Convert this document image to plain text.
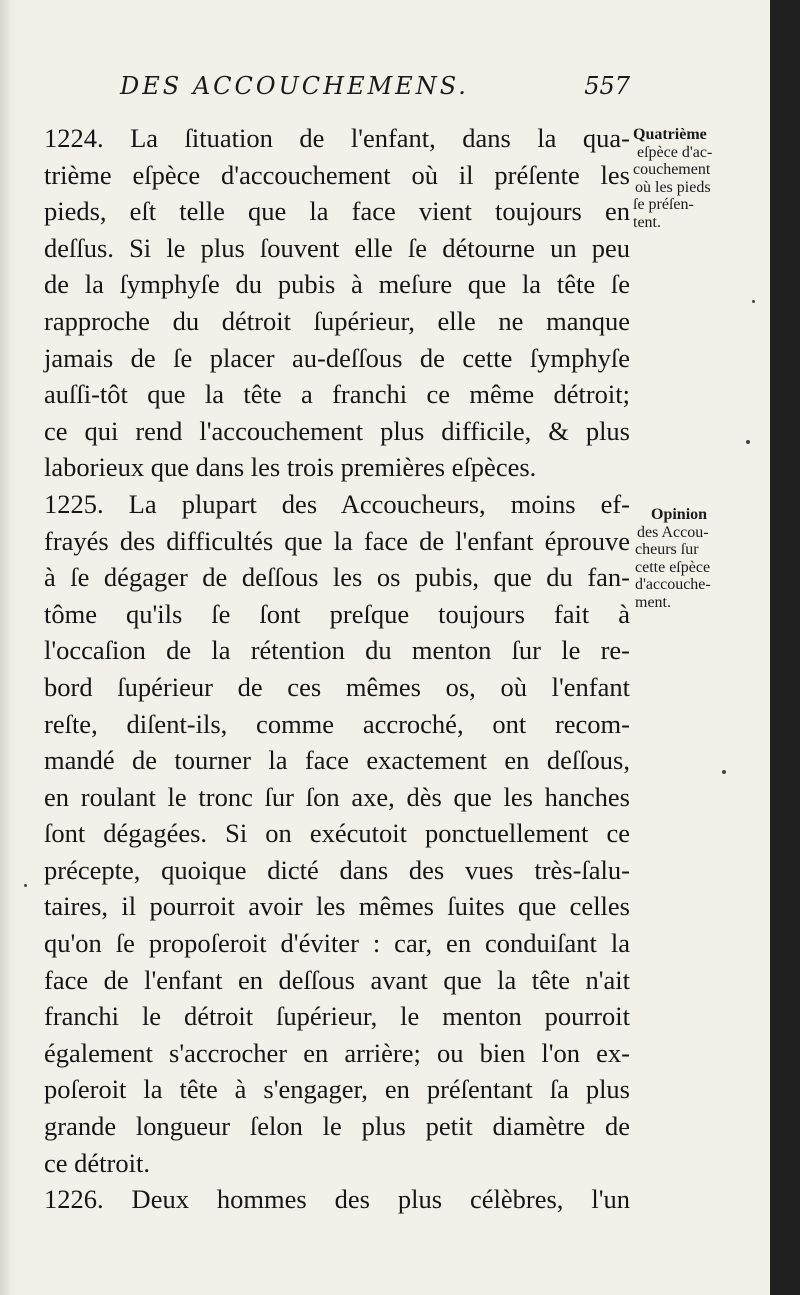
DES ACCOUCHEMENS.	557
1224. La ſituation de l'enfant, dans la qua-
trième eſpèce d'accouchement où il préſente les
pieds, eſt telle que la face vient toujours en
deſſus. Si le plus ſouvent elle ſe détourne un peu
de la ſymphyſe du pubis à meſure que la tête ſe
rapproche du détroit ſupérieur, elle ne manque
jamais de ſe placer au-deſſous de cette ſymphyſe
auſſi-tôt que la tête a franchi ce même détroit;
ce qui rend l'accouchement plus difficile, & plus
laborieux que dans les trois premières eſpèces.
1225. La plupart des Accoucheurs, moins ef-
frayés des difficultés que la face de l'enfant éprouve
à ſe dégager de deſſous les os pubis, que du fan-
tôme qu'ils ſe ſont preſque toujours fait à
l'occaſion de la rétention du menton ſur le re-
bord ſupérieur de ces mêmes os, où l'enfant
reſte, diſent-ils, comme accroché, ont recom-
mandé de tourner la face exactement en deſſous,
en roulant le tronc ſur ſon axe, dès que les hanches
ſont dégagées. Si on exécutoit ponctuellement ce
précepte, quoique dicté dans des vues très-ſalu-
taires, il pourroit avoir les mêmes ſuites que celles
qu'on ſe propoſeroit d'éviter : car, en conduiſant la
face de l'enfant en deſſous avant que la tête n'ait
franchi le détroit ſupérieur, le menton pourroit
également s'accrocher en arrière; ou bien l'on ex-
poſeroit la tête à s'engager, en préſentant ſa plus
grande longueur ſelon le plus petit diamètre de
ce détroit.
1226. Deux hommes des plus célèbres, l'un
Quatrième
eſpèce d'ac-
couchement
où les pieds
ſe préſen-
tent.
Opinion
des Accou-
cheurs ſur
cette eſpèce
d'accouche-
ment.
